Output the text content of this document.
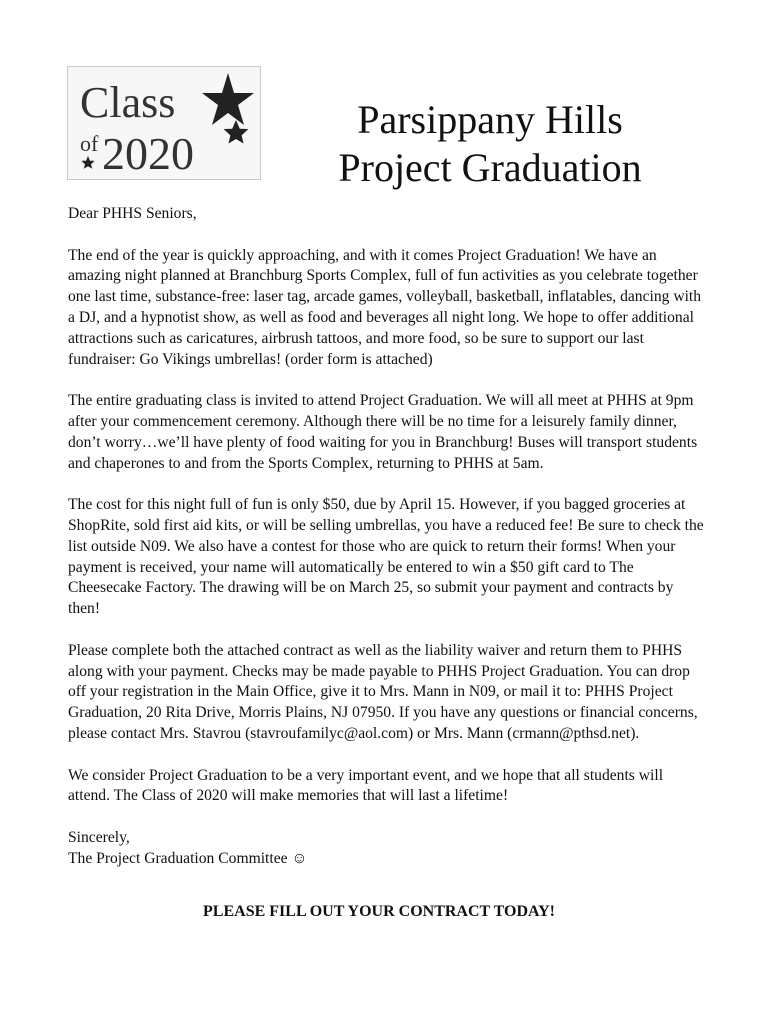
Class
of 2020
Parsippany Hills
Project Graduation

Dear PHHS Seniors,

The end of the year is quickly approaching, and with it comes Project Graduation! We have an amazing night planned at Branchburg Sports Complex, full of fun activities as you celebrate together one last time, substance-free: laser tag, arcade games, volleyball, basketball, inflatables, dancing with a DJ, and a hypnotist show, as well as food and beverages all night long. We hope to offer additional attractions such as caricatures, airbrush tattoos, and more food, so be sure to support our last fundraiser: Go Vikings umbrellas! (order form is attached)

The entire graduating class is invited to attend Project Graduation. We will all meet at PHHS at 9pm after your commencement ceremony. Although there will be no time for a leisurely family dinner, don’t worry…we’ll have plenty of food waiting for you in Branchburg! Buses will transport students and chaperones to and from the Sports Complex, returning to PHHS at 5am.

The cost for this night full of fun is only $50, due by April 15. However, if you bagged groceries at ShopRite, sold first aid kits, or will be selling umbrellas, you have a reduced fee! Be sure to check the list outside N09. We also have a contest for those who are quick to return their forms! When your payment is received, your name will automatically be entered to win a $50 gift card to The Cheesecake Factory. The drawing will be on March 25, so submit your payment and contracts by then!

Please complete both the attached contract as well as the liability waiver and return them to PHHS along with your payment. Checks may be made payable to PHHS Project Graduation. You can drop off your registration in the Main Office, give it to Mrs. Mann in N09, or mail it to: PHHS Project Graduation, 20 Rita Drive, Morris Plains, NJ 07950. If you have any questions or financial concerns, please contact Mrs. Stavrou (stavroufamilyc@aol.com) or Mrs. Mann (crmann@pthsd.net).

We consider Project Graduation to be a very important event, and we hope that all students will attend. The Class of 2020 will make memories that will last a lifetime!

Sincerely,
The Project Graduation Committee ☺

PLEASE FILL OUT YOUR CONTRACT TODAY!
